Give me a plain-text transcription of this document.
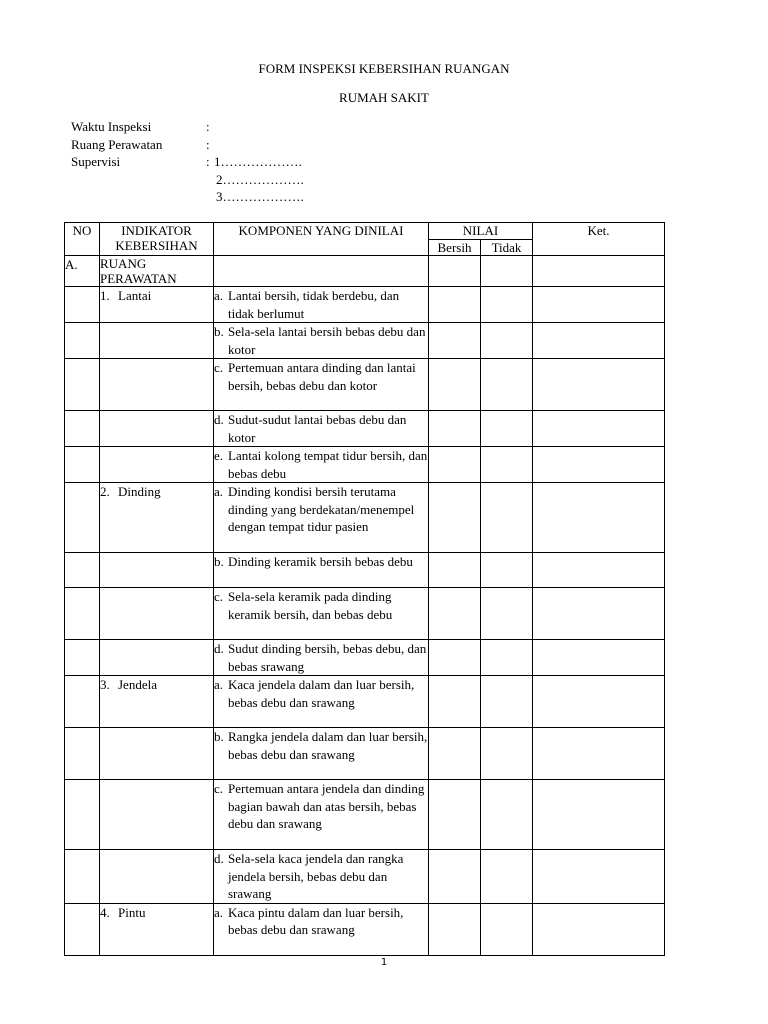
FORM INSPEKSI KEBERSIHAN RUANGAN
RUMAH SAKIT
Waktu Inspeksi	:
Ruang Perawatan	:
Supervisi	: 1……………….
2……………….
3……………….
NO	INDIKATOR KEBERSIHAN	KOMPONEN YANG DINILAI	NILAI		Ket.
			Bersih	Tidak	
A.	RUANG PERAWATAN				

	1. Lantai	a. Lantai bersih, tidak berdebu, dan tidak berlumut			

		b. Sela-sela lantai bersih bebas debu dan kotor			

		c. Pertemuan antara dinding dan lantai bersih, bebas debu dan kotor			

		d. Sudut-sudut lantai bebas debu dan kotor			

		e. Lantai kolong tempat tidur bersih, dan bebas debu			

	2. Dinding	a. Dinding kondisi bersih terutama dinding yang berdekatan/menempel dengan tempat tidur pasien			

		b. Dinding keramik bersih bebas debu			

		c. Sela-sela keramik pada dinding keramik bersih, dan bebas debu			

		d. Sudut dinding bersih, bebas debu, dan bebas srawang			

	3. Jendela	a. Kaca jendela dalam dan luar bersih, bebas debu dan srawang			

		b. Rangka jendela dalam dan luar bersih, bebas debu dan srawang			

		c. Pertemuan antara jendela dan dinding bagian bawah dan atas bersih, bebas debu dan srawang			

		d. Sela-sela kaca jendela dan rangka jendela bersih, bebas debu dan srawang			

	4. Pintu	a. Kaca pintu dalam dan luar bersih, bebas debu dan srawang			

1
